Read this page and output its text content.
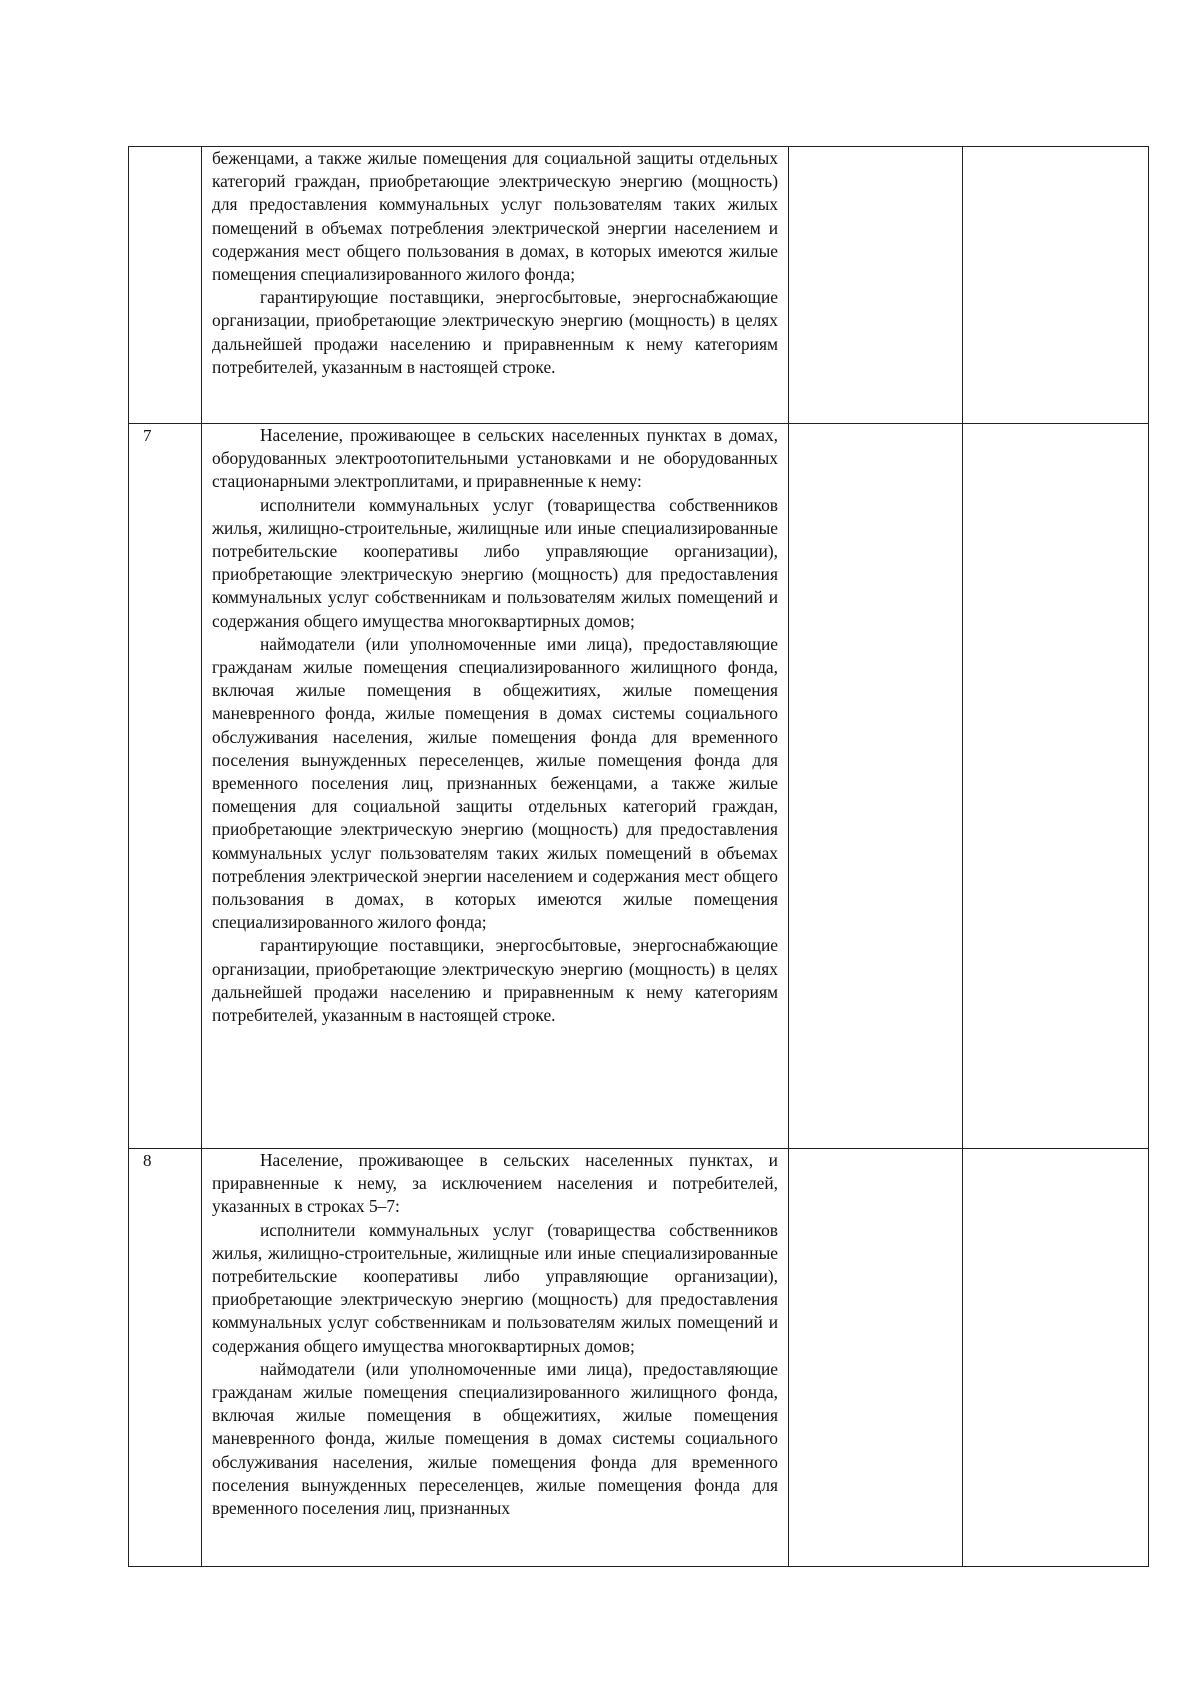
	беженцами, а также жилые помещения для социальной защиты отдельных категорий граждан, приобретающие электрическую энергию (мощность) для предоставления коммунальных услуг пользователям таких жилых помещений в объемах потребления электрической энергии населением и содержания мест общего пользования в домах, в которых имеются жилые помещения специализированного жилого фонда;

гарантирующие поставщики, энергосбытовые, энергоснабжающие организации, приобретающие электрическую энергию (мощность) в целях дальнейшей продажи населению и приравненным к нему категориям потребителей, указанным в настоящей строке.		

7	Население, проживающее в сельских населенных пунктах в домах, оборудованных электроотопительными установками и не оборудованных стационарными электроплитами, и приравненные к нему:

исполнители коммунальных услуг (товарищества собственников жилья, жилищно-строительные, жилищные или иные специализированные потребительские кооперативы либо управляющие организации), приобретающие электрическую энергию (мощность) для предоставления коммунальных услуг собственникам и пользователям жилых помещений и содержания общего имущества многоквартирных домов;

наймодатели (или уполномоченные ими лица), предоставляющие гражданам жилые помещения специализированного жилищного фонда, включая жилые помещения в общежитиях, жилые помещения маневренного фонда, жилые помещения в домах системы социального обслуживания населения, жилые помещения фонда для временного поселения вынужденных переселенцев, жилые помещения фонда для временного поселения лиц, признанных беженцами, а также жилые помещения для социальной защиты отдельных категорий граждан, приобретающие электрическую энергию (мощность) для предоставления коммунальных услуг пользователям таких жилых помещений в объемах потребления электрической энергии населением и содержания мест общего пользования в домах, в которых имеются жилые помещения специализированного жилого фонда;

гарантирующие поставщики, энергосбытовые, энергоснабжающие организации, приобретающие электрическую энергию (мощность) в целях дальнейшей продажи населению и приравненным к нему категориям потребителей, указанным в настоящей строке.		

8	Население, проживающее в сельских населенных пунктах, и приравненные к нему, за исключением населения и потребителей, указанных в строках 5–7:

исполнители коммунальных услуг (товарищества собственников жилья, жилищно-строительные, жилищные или иные специализированные потребительские кооперативы либо управляющие организации), приобретающие электрическую энергию (мощность) для предоставления коммунальных услуг собственникам и пользователям жилых помещений и содержания общего имущества многоквартирных домов;

наймодатели (или уполномоченные ими лица), предоставляющие гражданам жилые помещения специализированного жилищного фонда, включая жилые помещения в общежитиях, жилые помещения маневренного фонда, жилые помещения в домах системы социального обслуживания населения, жилые помещения фонда для временного поселения вынужденных переселенцев, жилые помещения фонда для временного поселения лиц, признанных		
